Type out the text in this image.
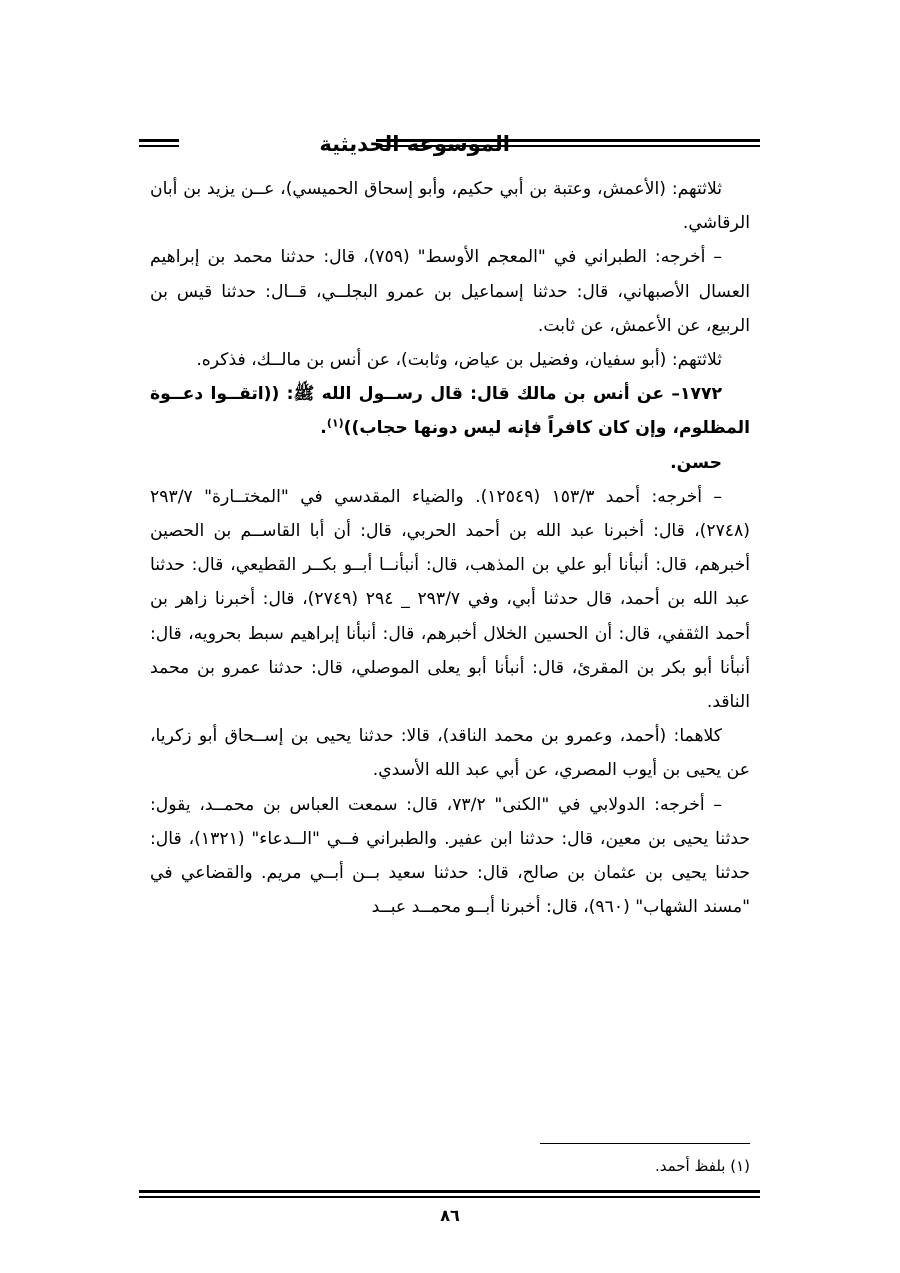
الموسوعة الحديثية

ثلاثتهم: (الأعمش، وعتبة بن أبي حكيم، وأبو إسحاق الحميسي)، عــن يزيد بن أبان الرقاشي.

– أخرجه: الطبراني في "المعجم الأوسط" (٧٥٩)، قال: حدثنا محمد بن إبراهيم العسال الأصبهاني، قال: حدثنا إسماعيل بن عمرو البجلــي، قــال: حدثنا قيس بن الربيع، عن الأعمش، عن ثابت.

ثلاثتهم: (أبو سفيان، وفضيل بن عياض، وثابت)، عن أنس بن مالــك، فذكره.

١٧٧٢– عن أنس بن مالك قال: قال رســول الله ﷺ: ((اتقــوا دعــوة المظلوم، وإن كان كافراً فإنه ليس دونها حجاب))$^{(١)}$.

حسن.

– أخرجه: أحمد ١٥٣/٣ (١٢٥٤٩). والضياء المقدسي في "المختــارة" ٢٩٣/٧ (٢٧٤٨)، قال: أخبرنا عبد الله بن أحمد الحربي، قال: أن أبا القاســم بن الحصين أخبرهم، قال: أنبأنا أبو علي بن المذهب، قال: أنبأنــا أبــو بكــر القطيعي، قال: حدثنا عبد الله بن أحمد، قال حدثنا أبي، وفي ٢٩٣/٧ _ ٢٩٤ (٢٧٤٩)، قال: أخبرنا زاهر بن أحمد الثقفي، قال: أن الحسين الخلال أخبرهم، قال: أنبأنا إبراهيم سبط بحرويه، قال: أنبأنا أبو بكر بن المقرئ، قال: أنبأنا أبو يعلى الموصلي، قال: حدثنا عمرو بن محمد الناقد.

كلاهما: (أحمد، وعمرو بن محمد الناقد)، قالا: حدثنا يحيى بن إســحاق أبو زكريا، عن يحيى بن أيوب المصري، عن أبي عبد الله الأسدي.

– أخرجه: الدولابي في "الكنى" ٧٣/٢، قال: سمعت العباس بن محمــد، يقول: حدثنا يحيى بن معين، قال: حدثنا ابن عفير. والطبراني فــي "الــدعاء" (١٣٢١)، قال: حدثنا يحيى بن عثمان بن صالح، قال: حدثنا سعيد بــن أبــي مريم. والقضاعي في "مسند الشهاب" (٩٦٠)، قال: أخبرنا أبــو محمــد عبــد

(١) بلفظ أحمد.
٨٦
